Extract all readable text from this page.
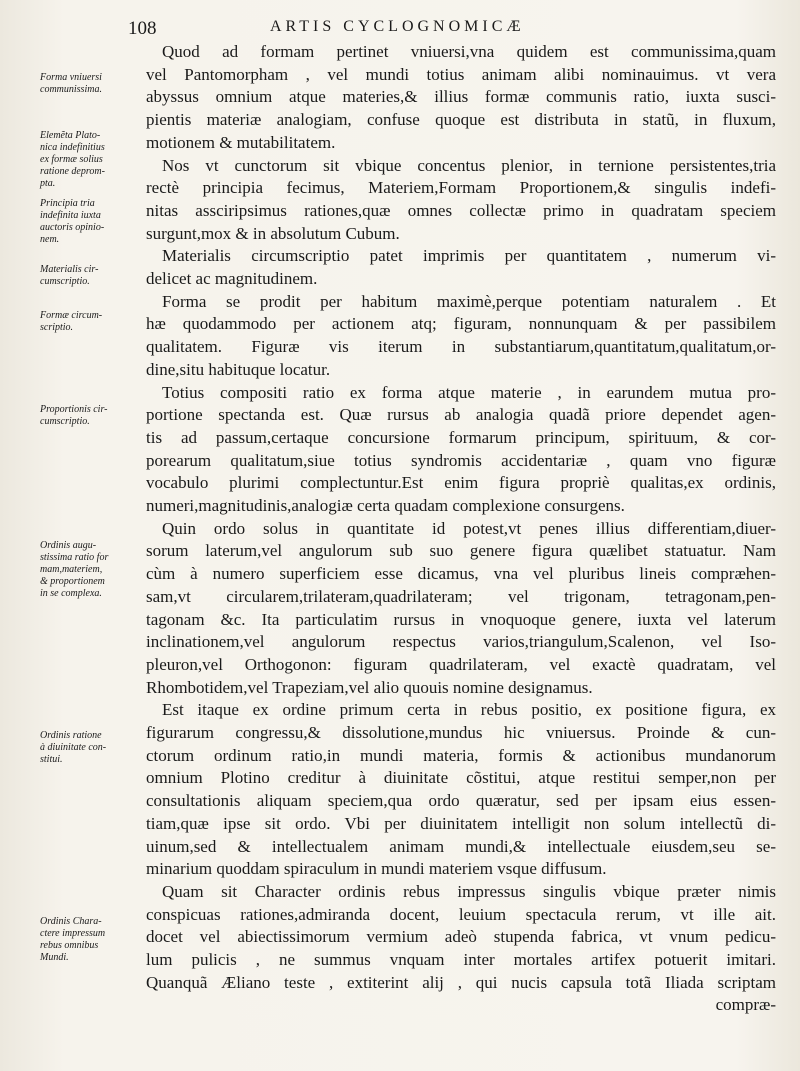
108	ARTIS CYCLOGNOMICÆ
Forma vniuersi
communissima.
Elemẽta Plato-
nica indefinitius
ex formæ solius
ratione deprom-
pta.
Principia tria
indefinita iuxta
auctoris opinio-
nem.
Materialis cir-
cumscriptio.
Formæ circum-
scriptio.
Proportionis cir-
cumscriptio.
Ordinis augu-
stissima ratio for
mam,materiem,
& proportionem
in se complexa.
Ordinis ratione
à diuinitate con-
stitui.
Ordinis Chara-
ctere impressum
rebus omnibus
Mundi.
Quod ad formam pertinet vniuersi,vna quidem est communissima,quam
vel Pantomorpham , vel mundi totius animam alibi nominauimus. vt vera
abyssus omnium atque materies,& illius formæ communis ratio, iuxta susci-
pientis materiæ analogiam, confuse quoque est distributa in statũ, in fluxum,
motionem & mutabilitatem.
Nos vt cunctorum sit vbique concentus plenior, in ternione persistentes,tria
rectè principia fecimus, Materiem,Formam Proportionem,& singulis indefi-
nitas assciripsimus rationes,quæ omnes collectæ primo in quadratam speciem
surgunt,mox & in absolutum Cubum.
Materialis circumscriptio patet imprimis per quantitatem , numerum vi-
delicet ac magnitudinem.
Forma se prodit per habitum maximè,perque potentiam naturalem . Et
hæ quodammodo per actionem atq; figuram, nonnunquam & per passibilem
qualitatem. Figuræ vis iterum in substantiarum,quantitatum,qualitatum,or-
dine,situ habituque locatur.
Totius compositi ratio ex forma atque materie , in earundem mutua pro-
portione spectanda est. Quæ rursus ab analogia quadã priore dependet agen-
tis ad passum,certaque concursione formarum principum, spirituum, & cor-
porearum qualitatum,siue totius syndromis accidentariæ , quam vno figuræ
vocabulo plurimi complectuntur.Est enim figura propriè qualitas,ex ordinis,
numeri,magnitudinis,analogiæ certa quadam complexione consurgens.
Quin ordo solus in quantitate id potest,vt penes illius differentiam,diuer-
sorum laterum,vel angulorum sub suo genere figura quælibet statuatur. Nam
cùm à numero superficiem esse dicamus, vna vel pluribus lineis compræhen-
sam,vt circularem,trilateram,quadrilateram; vel trigonam, tetragonam,pen-
tagonam &c. Ita particulatim rursus in vnoquoque genere, iuxta vel laterum
inclinationem,vel angulorum respectus varios,triangulum,Scalenon, vel Iso-
pleuron,vel Orthogonon: figuram quadrilateram, vel exactè quadratam, vel
Rhombotidem,vel Trapeziam,vel alio quouis nomine designamus.
Est itaque ex ordine primum certa in rebus positio, ex positione figura, ex
figurarum congressu,& dissolutione,mundus hic vniuersus. Proinde & cun-
ctorum ordinum ratio,in mundi materia, formis & actionibus mundanorum
omnium Plotino creditur à diuinitate cõstitui, atque restitui semper,non per
consultationis aliquam speciem,qua ordo quæratur, sed per ipsam eius essen-
tiam,quæ ipse sit ordo. Vbi per diuinitatem intelligit non solum intellectũ di-
uinum,sed & intellectualem animam mundi,& intellectuale eiusdem,seu se-
minarium quoddam spiraculum in mundi materiem vsque diffusum.
Quam sit Character ordinis rebus impressus singulis vbique præter nimis
conspicuas rationes,admiranda docent, leuium spectacula rerum, vt ille ait.
docet vel abiectissimorum vermium adeò stupenda fabrica, vt vnum pedicu-
lum pulicis , ne summus vnquam inter mortales artifex potuerit imitari.
Quanquã Æliano teste , extiterint alij , qui nucis capsula totã Iliada scriptam
compræ-
